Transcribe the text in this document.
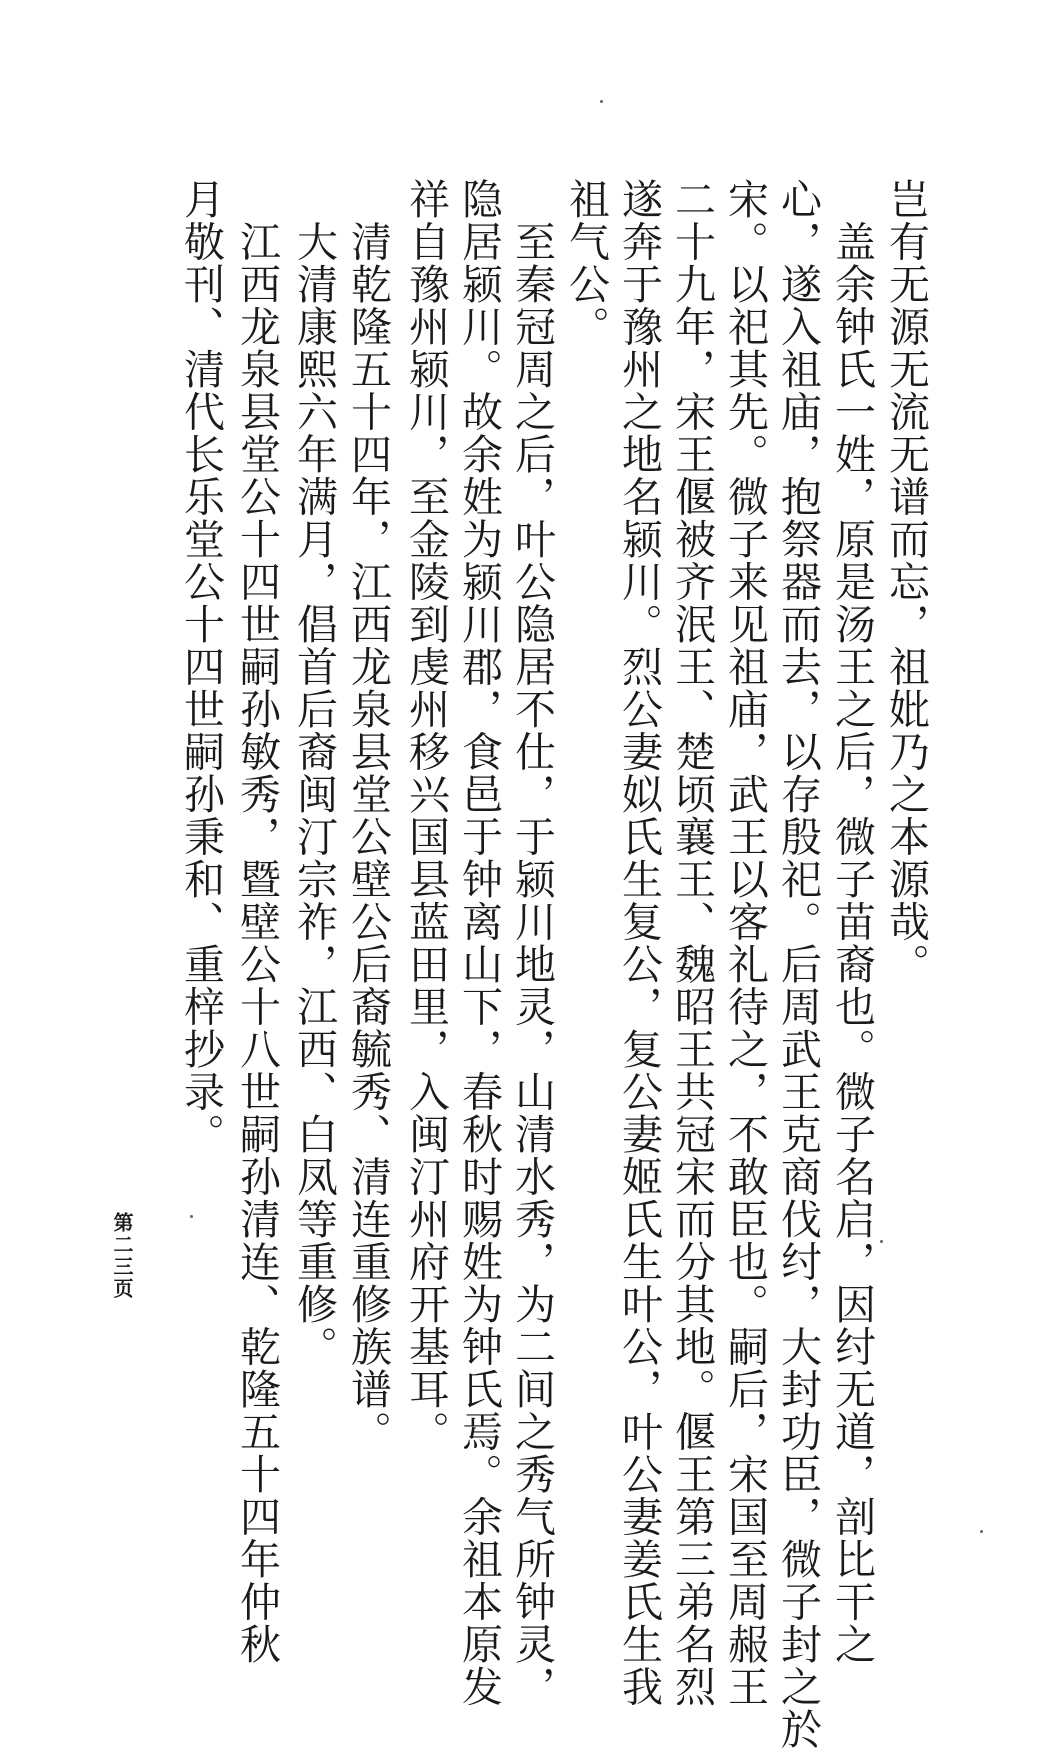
岂有无源无流无谱而忘，祖妣乃之本源哉。
　盖余钟氏一姓，原是汤王之后，微子苗裔也。微子名启，因纣无道，剖比干之
心，遂入祖庙，抱祭器而去，以存殷祀。后周武王克商伐纣，大封功臣，微子封之於
宋。以祀其先。微子来见祖庙，武王以客礼待之，不敢臣也。嗣后，宋国至周赧王
二十九年，宋王偃被齐泯王、楚顷襄王、魏昭王共冠宋而分其地。偃王第三弟名烈
遂奔于豫州之地名颍川。烈公妻姒氏生复公，复公妻姬氏生叶公，叶公妻姜氏生我
祖气公。
　至秦冠周之后，叶公隐居不仕，于颍川地灵，山清水秀，为二间之秀气所钟灵，
隐居颍川。故余姓为颍川郡，食邑于钟离山下，春秋时赐姓为钟氏焉。余祖本原发
祥自豫州颍川，至金陵到虔州移兴国县蓝田里，入闽汀州府开基耳。
　清乾隆五十四年，江西龙泉县堂公壁公后裔毓秀、清连重修族谱。
　大清康熙六年满月，倡首后裔闽汀宗祚，江西、白凤等重修。
　江西龙泉县堂公十四世嗣孙敏秀，暨壁公十八世嗣孙清连、乾隆五十四年仲秋
月敬刊、清代长乐堂公十四世嗣孙秉和、重梓抄录。
第二三页
